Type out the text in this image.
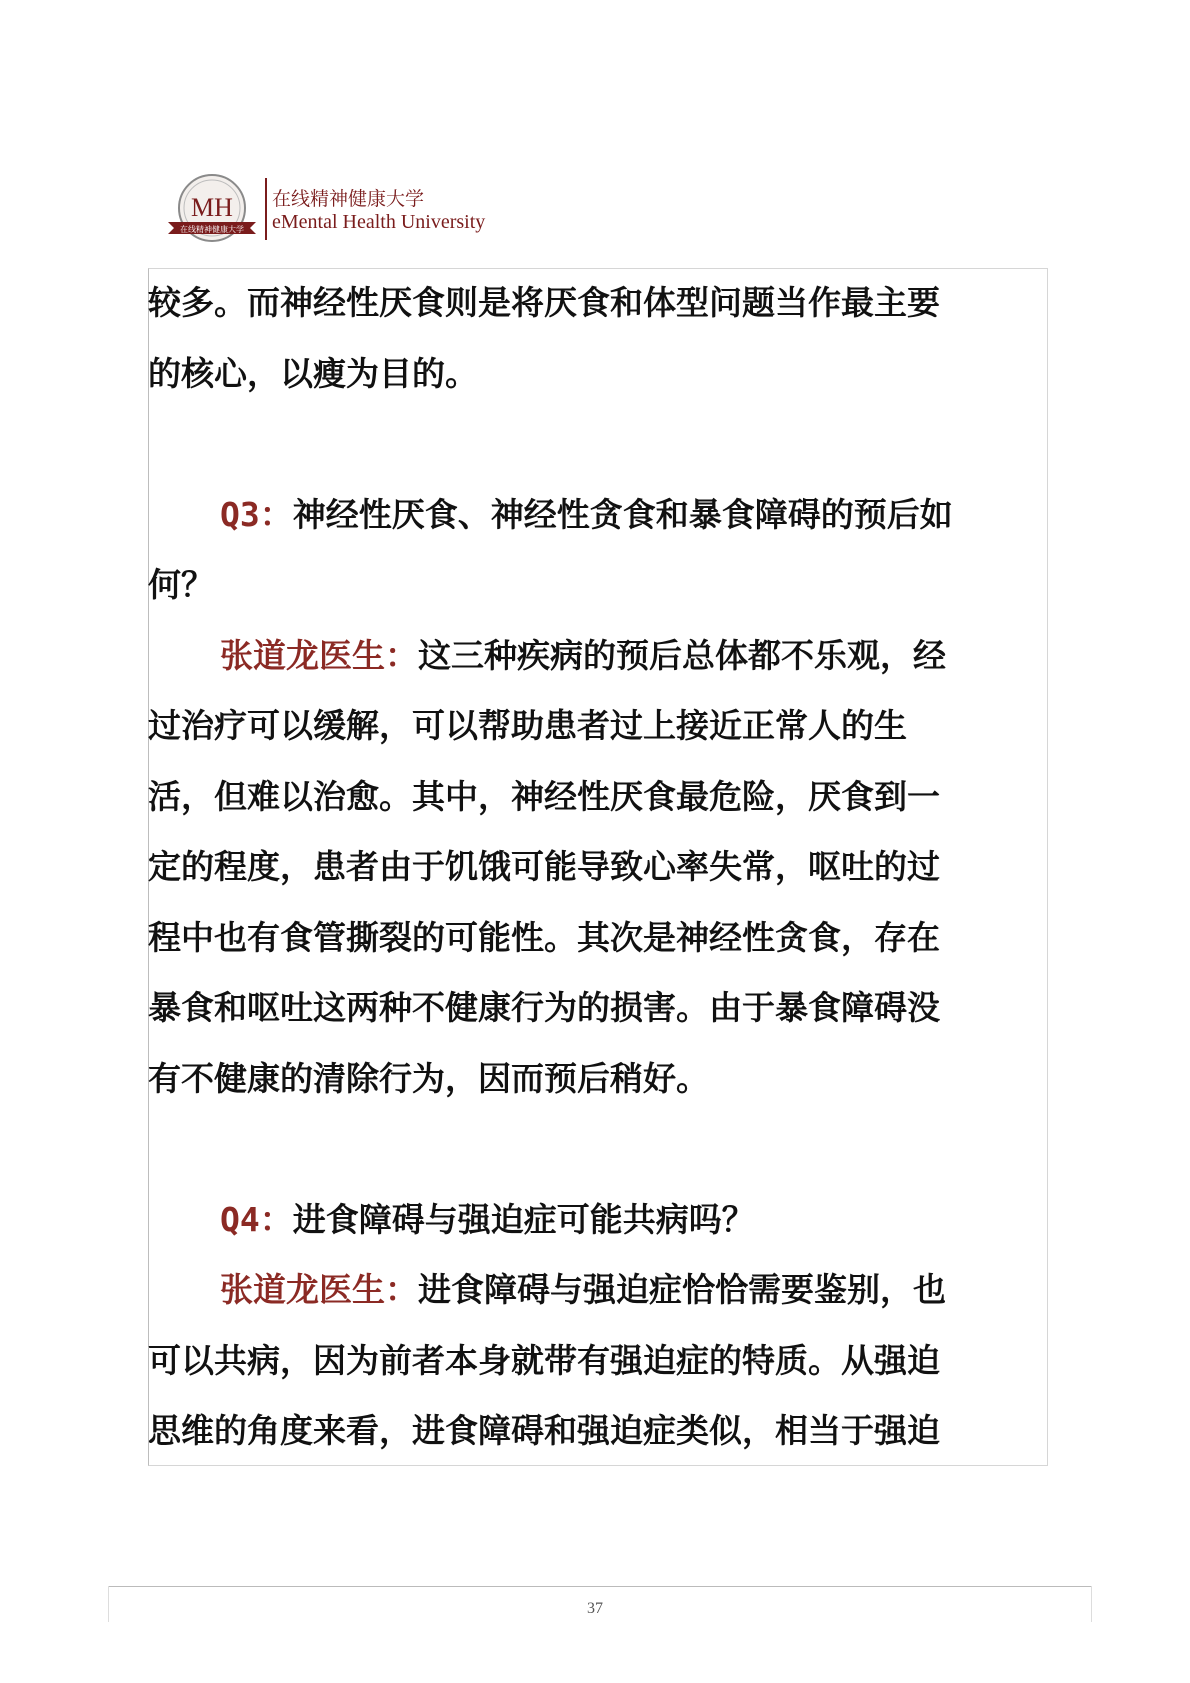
MH
在线精神健康大学
在线精神健康大学
eMental Health University

较多。而神经性厌食则是将厌食和体型问题当作最主要

的核心，以瘦为目的。

Q3：神经性厌食、神经性贪食和暴食障碍的预后如

何？

张道龙医生：这三种疾病的预后总体都不乐观，经

过治疗可以缓解，可以帮助患者过上接近正常人的生

活，但难以治愈。其中，神经性厌食最危险，厌食到一

定的程度，患者由于饥饿可能导致心率失常，呕吐的过

程中也有食管撕裂的可能性。其次是神经性贪食，存在

暴食和呕吐这两种不健康行为的损害。由于暴食障碍没

有不健康的清除行为，因而预后稍好。

Q4：进食障碍与强迫症可能共病吗？

张道龙医生：进食障碍与强迫症恰恰需要鉴别，也

可以共病，因为前者本身就带有强迫症的特质。从强迫

思维的角度来看，进食障碍和强迫症类似，相当于强迫

37
